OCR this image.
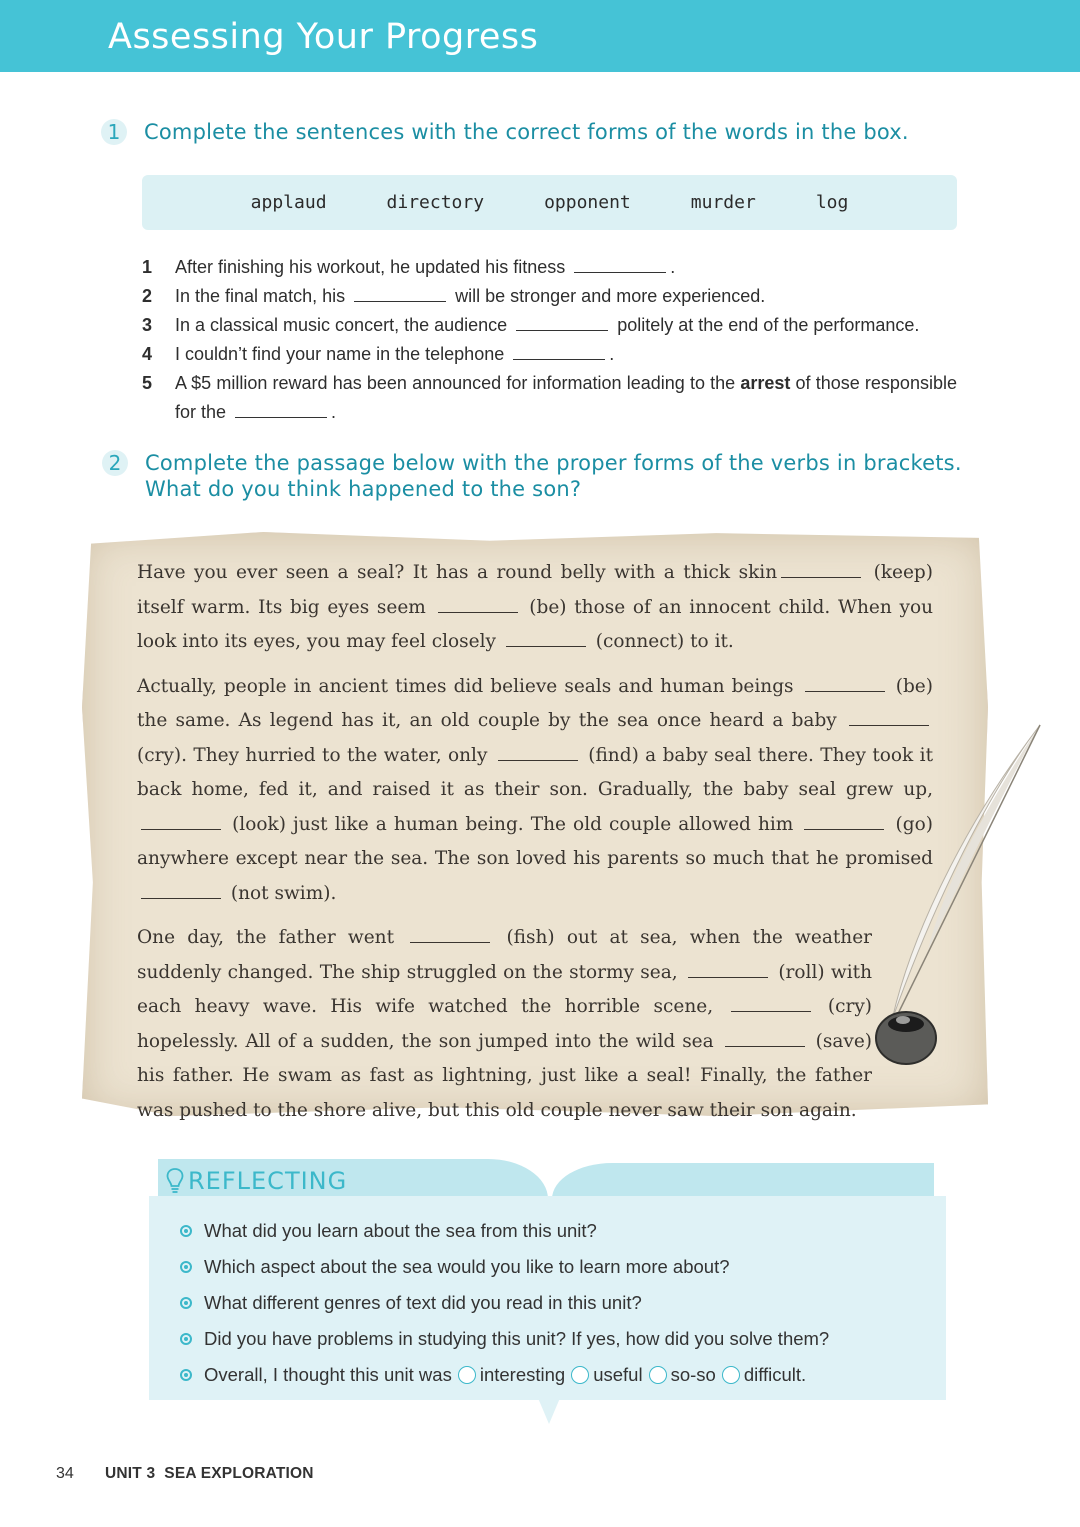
Assessing Your Progress
1	Complete the sentences with the correct forms of the words in the box.
applaud	directory	opponent	murder	log
1	After finishing his workout, he updated his fitness	.
2	In the final match, his	will be stronger and more experienced.
3	In a classical music concert, the audience	politely at the end of the performance.
4	I couldn’t find your name in the telephone	.
5	A $5 million reward has been announced for information leading to the arrest of those responsible for the	.
2	Complete the passage below with the proper forms of the verbs in brackets.
What do you think happened to the son?

Have you ever seen a seal? It has a round belly with a thick skin	(keep) itself warm. Its big eyes seem	(be) those of an innocent child. When you look into its eyes, you may feel closely	(connect) to it.

Actually, people in ancient times did believe seals and human beings	(be) the same. As legend has it, an old couple by the sea once heard a baby  (cry). They hurried to the water, only	(find) a baby seal there. They took it back home, fed it, and raised it as their son. Gradually, the baby seal grew up,  (look) just like a human being. The old couple allowed him	(go) anywhere except near the sea. The son loved his parents so much that he promised  (not swim).

One day, the father went	(fish) out at sea, when the weather suddenly changed. The ship struggled on the stormy sea,	(roll) with each heavy wave. His wife watched the horrible scene,	(cry) hopelessly. All of a sudden, the son jumped into the wild sea	(save) his father. He swam as fast as lightning, just like a seal! Finally, the father was pushed to the shore alive, but this old couple never saw their son again.

REFLECTING
What did you learn about the sea from this unit?
Which aspect about the sea would you like to learn more about?
What different genres of text did you read in this unit?
Did you have problems in studying this unit? If yes, how did you solve them?
Overall, I thought this unit was interesting useful so-so difficult.
34 UNIT 3  SEA EXPLORATION
